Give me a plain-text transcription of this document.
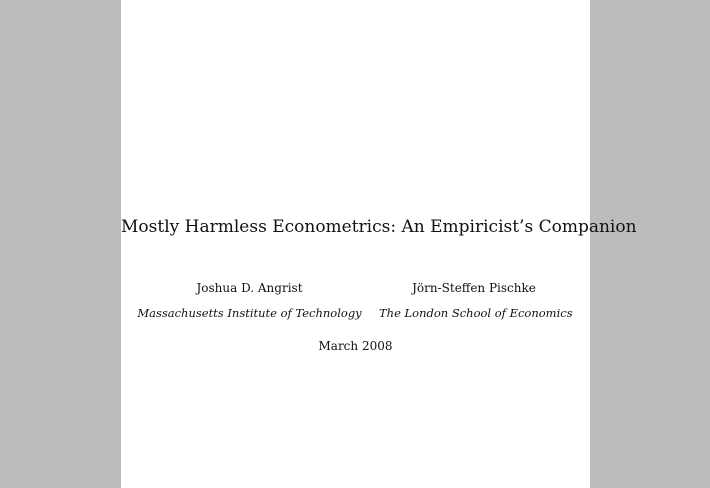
Mostly Harmless Econometrics: An Empiricist’s Companion
Joshua D. Angrist
Massachusetts Institute of Technology
Jörn-Steffen Pischke
The London School of Economics
March 2008
